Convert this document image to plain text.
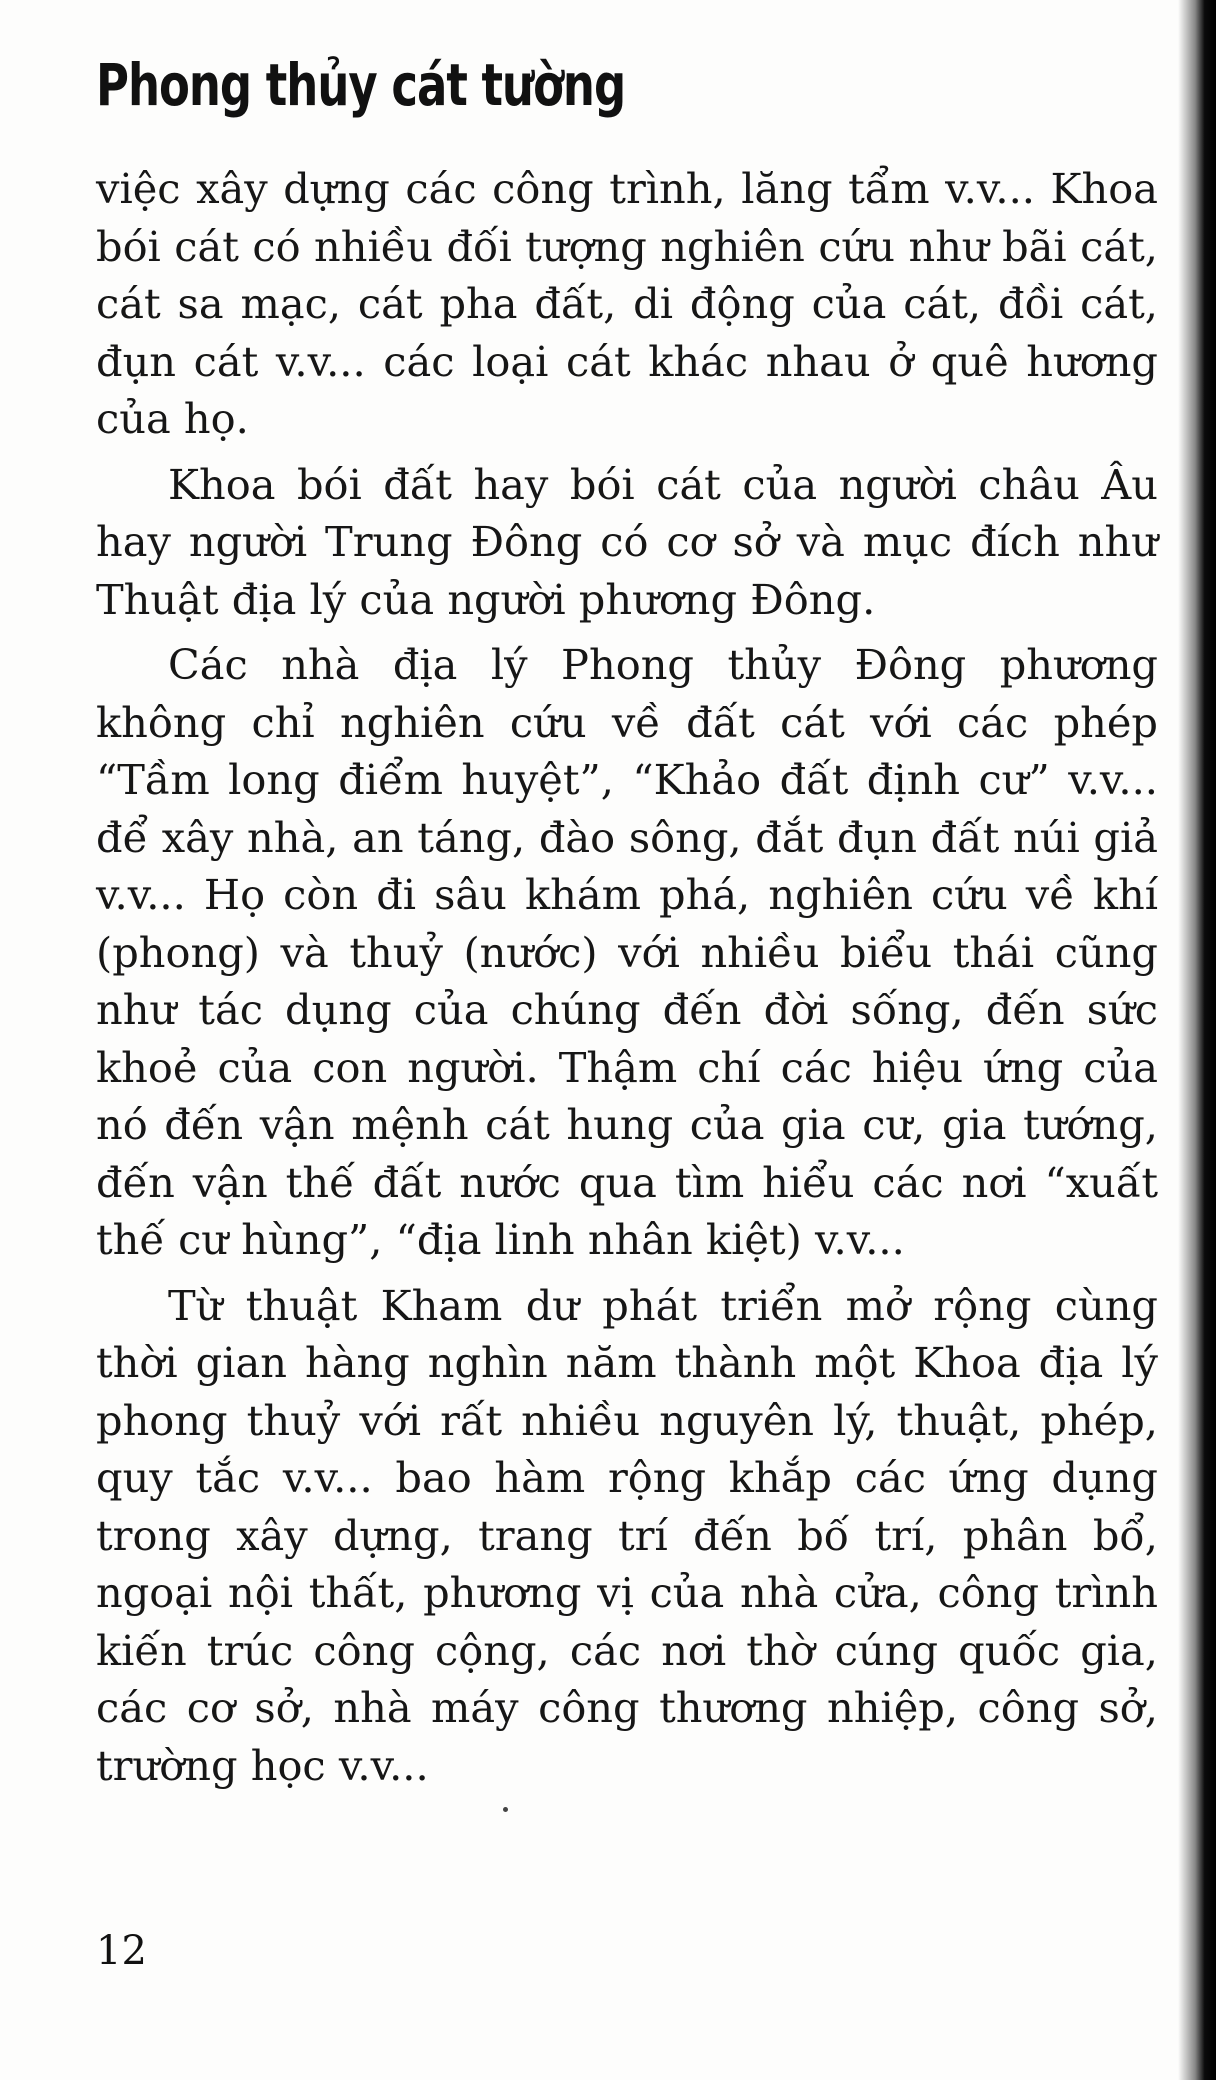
Phong thủy cát tường

việc xây dựng các công trình, lăng tẩm v.v... Khoa bói cát có nhiều đối tượng nghiên cứu như bãi cát, cát sa mạc, cát pha đất, di động của cát, đồi cát, đụn cát v.v... các loại cát khác nhau ở quê hương của họ.

Khoa bói đất hay bói cát của người châu Âu hay người Trung Đông có cơ sở và mục đích như Thuật địa lý của người phương Đông.

Các nhà địa lý Phong thủy Đông phương không chỉ nghiên cứu về đất cát với các phép “Tầm long điểm huyệt”, “Khảo đất định cư” v.v... để xây nhà, an táng, đào sông, đắt đụn đất núi giả v.v... Họ còn đi sâu khám phá, nghiên cứu về khí (phong) và thuỷ (nước) với nhiều biểu thái cũng như tác dụng của chúng đến đời sống, đến sức khoẻ của con người. Thậm chí các hiệu ứng của nó đến vận mệnh cát hung của gia cư, gia tướng, đến vận thế đất nước qua tìm hiểu các nơi “xuất thế cư hùng”, “địa linh nhân kiệt) v.v...

Từ thuật Kham dư phát triển mở rộng cùng thời gian hàng nghìn năm thành một Khoa địa lý phong thuỷ với rất nhiều nguyên lý, thuật, phép, quy tắc v.v... bao hàm rộng khắp các ứng dụng trong xây dựng, trang trí đến bố trí, phân bổ, ngoại nội thất, phương vị của nhà cửa, công trình kiến trúc công cộng, các nơi thờ cúng quốc gia, các cơ sở, nhà máy công thương nhiệp, công sở, trường học v.v...

12
